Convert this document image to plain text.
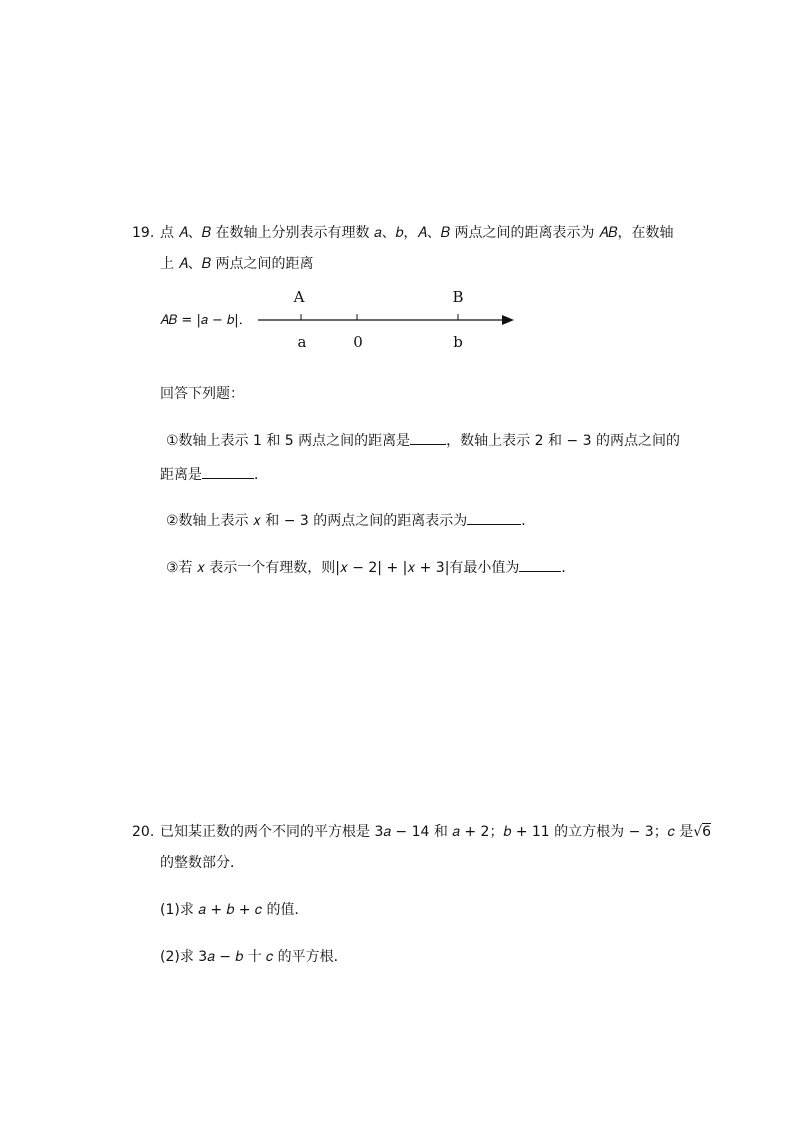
19. 点 𝐴、𝐵 在数轴上分别表示有理数 𝑎、𝑏，𝐴、𝐵 两点之间的距离表示为 𝐴𝐵，在数轴
上 𝐴、𝐵 两点之间的距离
𝐴𝐵 = |𝑎 − 𝑏|．
A	B
a	0	b
回答下列题：
①数轴上表示 1 和 5 两点之间的距离是	，数轴上表示 2 和 − 3 的两点之间的
距离是	．
②数轴上表示 𝑥 和 − 3 的两点之间的距离表示为	．
③若 𝑥 表示一个有理数，则|𝑥 − 2| + |𝑥 + 3|有最小值为	．
20. 已知某正数的两个不同的平方根是 3𝑎 − 14 和 𝑎 + 2；𝑏 + 11 的立方根为 − 3；𝑐 是√6
的整数部分．
(1)求 𝑎 + 𝑏 + 𝑐 的值．
(2)求 3𝑎 − 𝑏 十 𝑐 的平方根．
